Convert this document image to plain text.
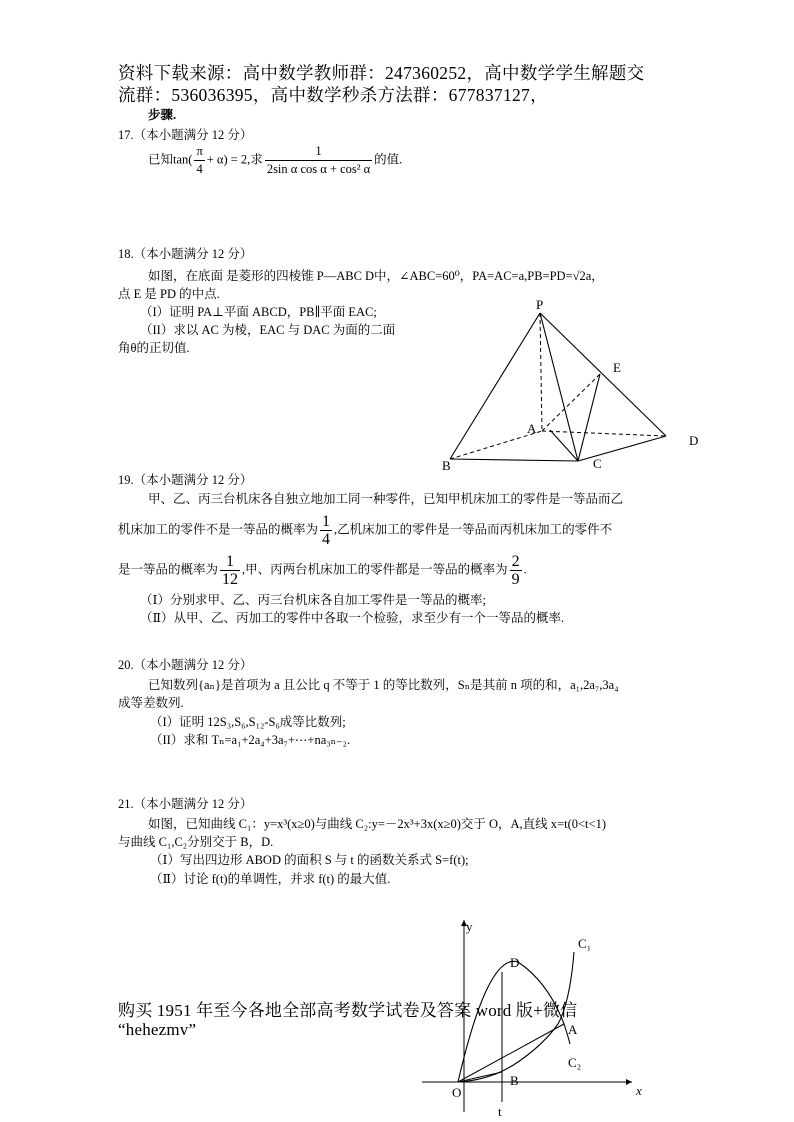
资料下载来源：高中数学教师群：247360252，高中数学学生解题交
流群：536036395，高中数学秒杀方法群：677837127，
步骤.
17.（本小题满分 12 分）
已知$\tan( \frac{\pi}{4} + \alpha) = 2$,求 $\frac{1}{\text{2sin α cos α + cos² α}}$ 的值.
18.（本小题满分 12 分）
如图，在底面 是菱形的四棱锥 P—ABC D中，∠ABC=60⁰，PA=AC=a,PB=PD=√2a，
点 E 是 PD 的中点.
（I）证明 PA⊥平面 ABCD，PB∥平面 EAC;
（II）求以 AC 为棱，EAC 与 DAC 为面的二面
角θ的正切值.
P
E
A
D
B	C
19.（本小题满分 12 分）
甲、乙、丙三台机床各自独立地加工同一种零件，已知甲机床加工的零件是一等品而乙
机床加工的零件不是一等品的概率为 $\frac{1}{4}$ ,乙机床加工的零件是一等品而丙机床加工的零件不
是一等品的概率为 $\frac{1}{12}$ ,甲、丙两台机床加工的零件都是一等品的概率为 $\frac{2}{9}$ .
（Ⅰ）分别求甲、乙、丙三台机床各自加工零件是一等品的概率;
（Ⅱ）从甲、乙、丙加工的零件中各取一个检验，求至少有一个一等品的概率.
20.（本小题满分 12 分）
已知数列{aₙ}是首项为 a 且公比 q 不等于 1 的等比数列，Sₙ是其前 n 项的和，a₁,2a₇,3a₄
成等差数列.
（I）证明 12S₃,S₆,S₁₂-S₆成等比数列;
（II）求和 Tₙ=a₁+2a₄+3a₇+⋯+na₃ₙ₋₂.
21.（本小题满分 12 分）
如图，已知曲线 C₁：y=x³(x≥0)与曲线 C₂:y=－2x³+3x(x≥0)交于 O，A,直线 x=t(0<t<1)
与曲线 C₁,C₂分别交于 B，D.
（Ⅰ）写出四边形 ABOD 的面积 S 与 t 的函数关系式 S=f(t);
（Ⅱ）讨论 f(t)的单调性，并求 f(t) 的最大值.
y
x
O
t
D
A
B
C₁
C₂
购买 1951 年至今各地全部高考数学试卷及答案 word 版+微信
“hehezmv”
